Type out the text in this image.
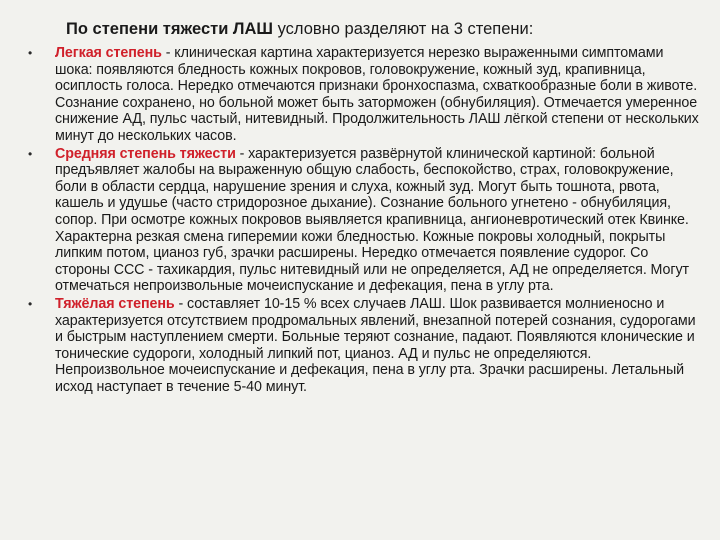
По степени тяжести ЛАШ условно разделяют на 3 степени:
•	Легкая степень - клиническая картина характеризуется нерезко выраженными симптомами шока: появляются бледность кожных покровов, головокружение, кожный зуд, крапивница, осиплость голоса. Нередко отмечаются признаки бронхоспазма, схваткообразные боли в животе. Сознание сохранено, но больной может быть заторможен (обнубиляция). Отмечается умеренное снижение АД, пульс частый, нитевидный. Продолжительность ЛАШ лёгкой степени от нескольких минут до нескольких часов.
•	Средняя степень тяжести - характеризуется развёрнутой клинической картиной: больной предъявляет жалобы на выраженную общую слабость, беспокойство, страх, головокружение, боли в области сердца, нарушение зрения и слуха, кожный зуд. Могут быть тошнота, рвота, кашель и удушье (часто стридорозное дыхание). Сознание больного угнетено - обнубиляция, сопор. При осмотре кожных покровов выявляется крапивница, ангионевротический отек Квинке. Характерна резкая смена гиперемии кожи бледностью. Кожные покровы холодный, покрыты липким потом, цианоз губ, зрачки расширены. Нередко отмечается появление судорог. Со стороны ССС - тахикардия, пульс нитевидный или не определяется, АД не определяется. Могут отмечаться непроизвольные мочеиспускание и дефекация, пена в углу рта.
•	Тяжёлая степень - составляет 10-15 % всех случаев ЛАШ. Шок развивается молниеносно и характеризуется отсутствием продромальных явлений, внезапной потерей сознания, судорогами и быстрым наступлением смерти. Больные теряют сознание, падают. Появляются клонические и тонические судороги, холодный липкий пот, цианоз. АД и пульс не определяются. Непроизвольное мочеиспускание и дефекация, пена в углу рта. Зрачки расширены. Летальный исход наступает в течение 5-40 минут.
